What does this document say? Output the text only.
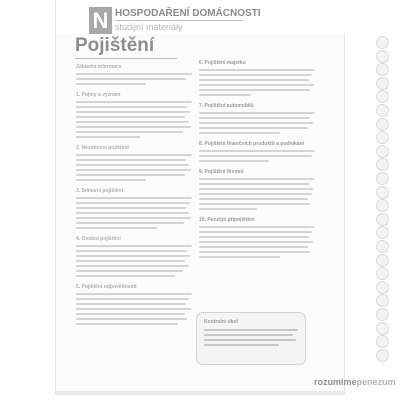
N HOSPODAŘENÍ DOMÁCNOSTI
studijní materiály
Pojištění
Základní informace
1. Pojmy a význam
2. Nesmluvní pojištění
3. Smluvní pojištění
4. Osobní pojištění
5. Pojištění odpovědnosti
6. Pojištění majetku
7. Pojištění automobilů
8. Pojištění finančních produktů a podnikání
9. Pojištění firemní
10. Penzijní připojištění
Kontrolní úkol
rozumimepenezum
